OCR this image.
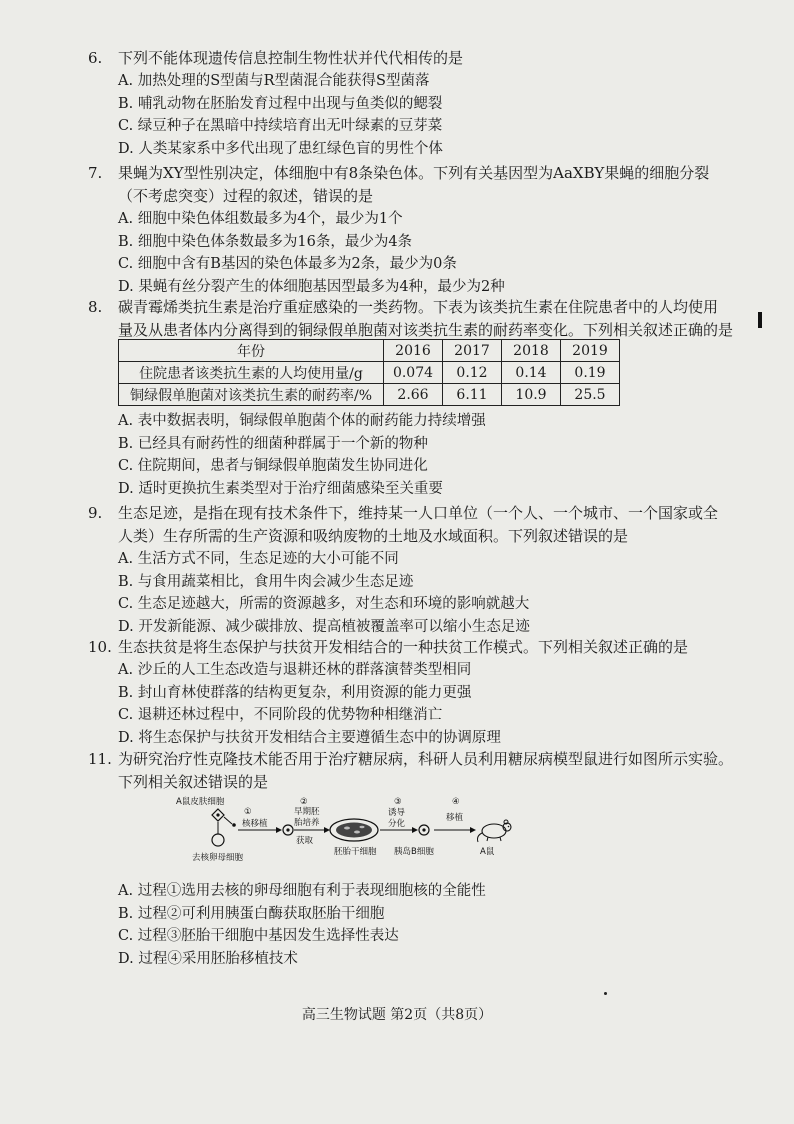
6.	下列不能体现遗传信息控制生物性状并代代相传的是
A. 加热处理的S型菌与R型菌混合能获得S型菌落
B. 哺乳动物在胚胎发育过程中出现与鱼类似的鳃裂
C. 绿豆种子在黑暗中持续培育出无叶绿素的豆芽菜
D. 人类某家系中多代出现了患红绿色盲的男性个体
7.	果蝇为XY型性别决定，体细胞中有8条染色体。下列有关基因型为AaXBY果蝇的细胞分裂
（不考虑突变）过程的叙述，错误的是
A. 细胞中染色体组数最多为4个，最少为1个
B. 细胞中染色体条数最多为16条，最少为4条
C. 细胞中含有B基因的染色体最多为2条，最少为0条
D. 果蝇有丝分裂产生的体细胞基因型最多为4种，最少为2种
8.	碳青霉烯类抗生素是治疗重症感染的一类药物。下表为该类抗生素在住院患者中的人均使用
量及从患者体内分离得到的铜绿假单胞菌对该类抗生素的耐药率变化。下列相关叙述正确的是
年份	2016	2017	2018	2019
住院患者该类抗生素的人均使用量/g	0.074	0.12	0.14	0.19
铜绿假单胞菌对该类抗生素的耐药率/%	2.66	6.11	10.9	25.5
A. 表中数据表明，铜绿假单胞菌个体的耐药能力持续增强
B. 已经具有耐药性的细菌种群属于一个新的物种
C. 住院期间，患者与铜绿假单胞菌发生协同进化
D. 适时更换抗生素类型对于治疗细菌感染至关重要
9.	生态足迹，是指在现有技术条件下，维持某一人口单位（一个人、一个城市、一个国家或全
人类）生存所需的生产资源和吸纳废物的土地及水域面积。下列叙述错误的是
A. 生活方式不同，生态足迹的大小可能不同
B. 与食用蔬菜相比，食用牛肉会减少生态足迹
C. 生态足迹越大，所需的资源越多，对生态和环境的影响就越大
D. 开发新能源、减少碳排放、提高植被覆盖率可以缩小生态足迹
10. 生态扶贫是将生态保护与扶贫开发相结合的一种扶贫工作模式。下列相关叙述正确的是
A. 沙丘的人工生态改造与退耕还林的群落演替类型相同
B. 封山育林使群落的结构更复杂，利用资源的能力更强
C. 退耕还林过程中，不同阶段的优势物种相继消亡
D. 将生态保护与扶贫开发相结合主要遵循生态中的协调原理
11. 为研究治疗性克隆技术能否用于治疗糖尿病，科研人员利用糖尿病模型鼠进行如图所示实验。
下列相关叙述错误的是
A鼠皮肤细胞
去核卵母细胞
①
核移植
②
早期胚
胎培养
获取
胚胎干细胞
③
诱导
分化
胰岛B细胞
④
移植
A鼠
A. 过程①选用去核的卵母细胞有利于表现细胞核的全能性
B. 过程②可利用胰蛋白酶获取胚胎干细胞
C. 过程③胚胎干细胞中基因发生选择性表达
D. 过程④采用胚胎移植技术
高三生物试题 第2页（共8页）
